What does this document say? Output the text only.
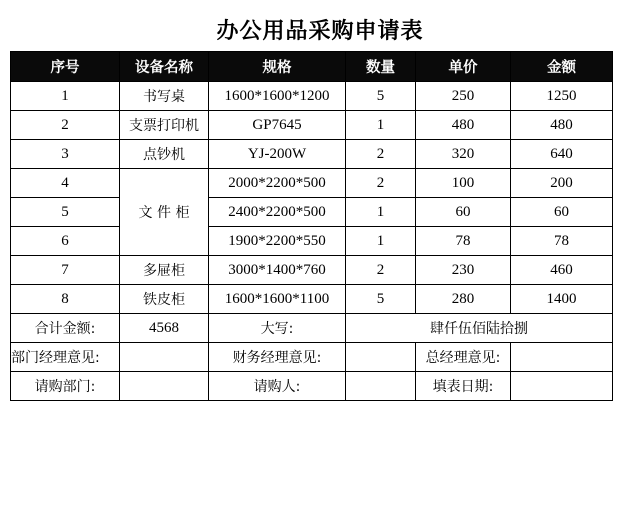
办公用品采购申请表
序号	设备名称	规格	数量	单价	金额
1	书写桌	1600*1600*1200	5	250	1250
2	支票打印机	GP7645	1	480	480
3	点钞机	YJ-200W	2	320	640
4	文 件 柜	2000*2200*500	2	100	200
5		2400*2200*500	1	60	60
6		1900*2200*550	1	78	78
7	多屉柜	3000*1400*760	2	230	460
8	铁皮柜	1600*1600*1100	5	280	1400
合计金额:	4568	大写:	肆仟伍佰陆拾捌		
部门经理意见:		财务经理意见:		总经理意见:	
请购部门:		请购人:		填表日期:	
